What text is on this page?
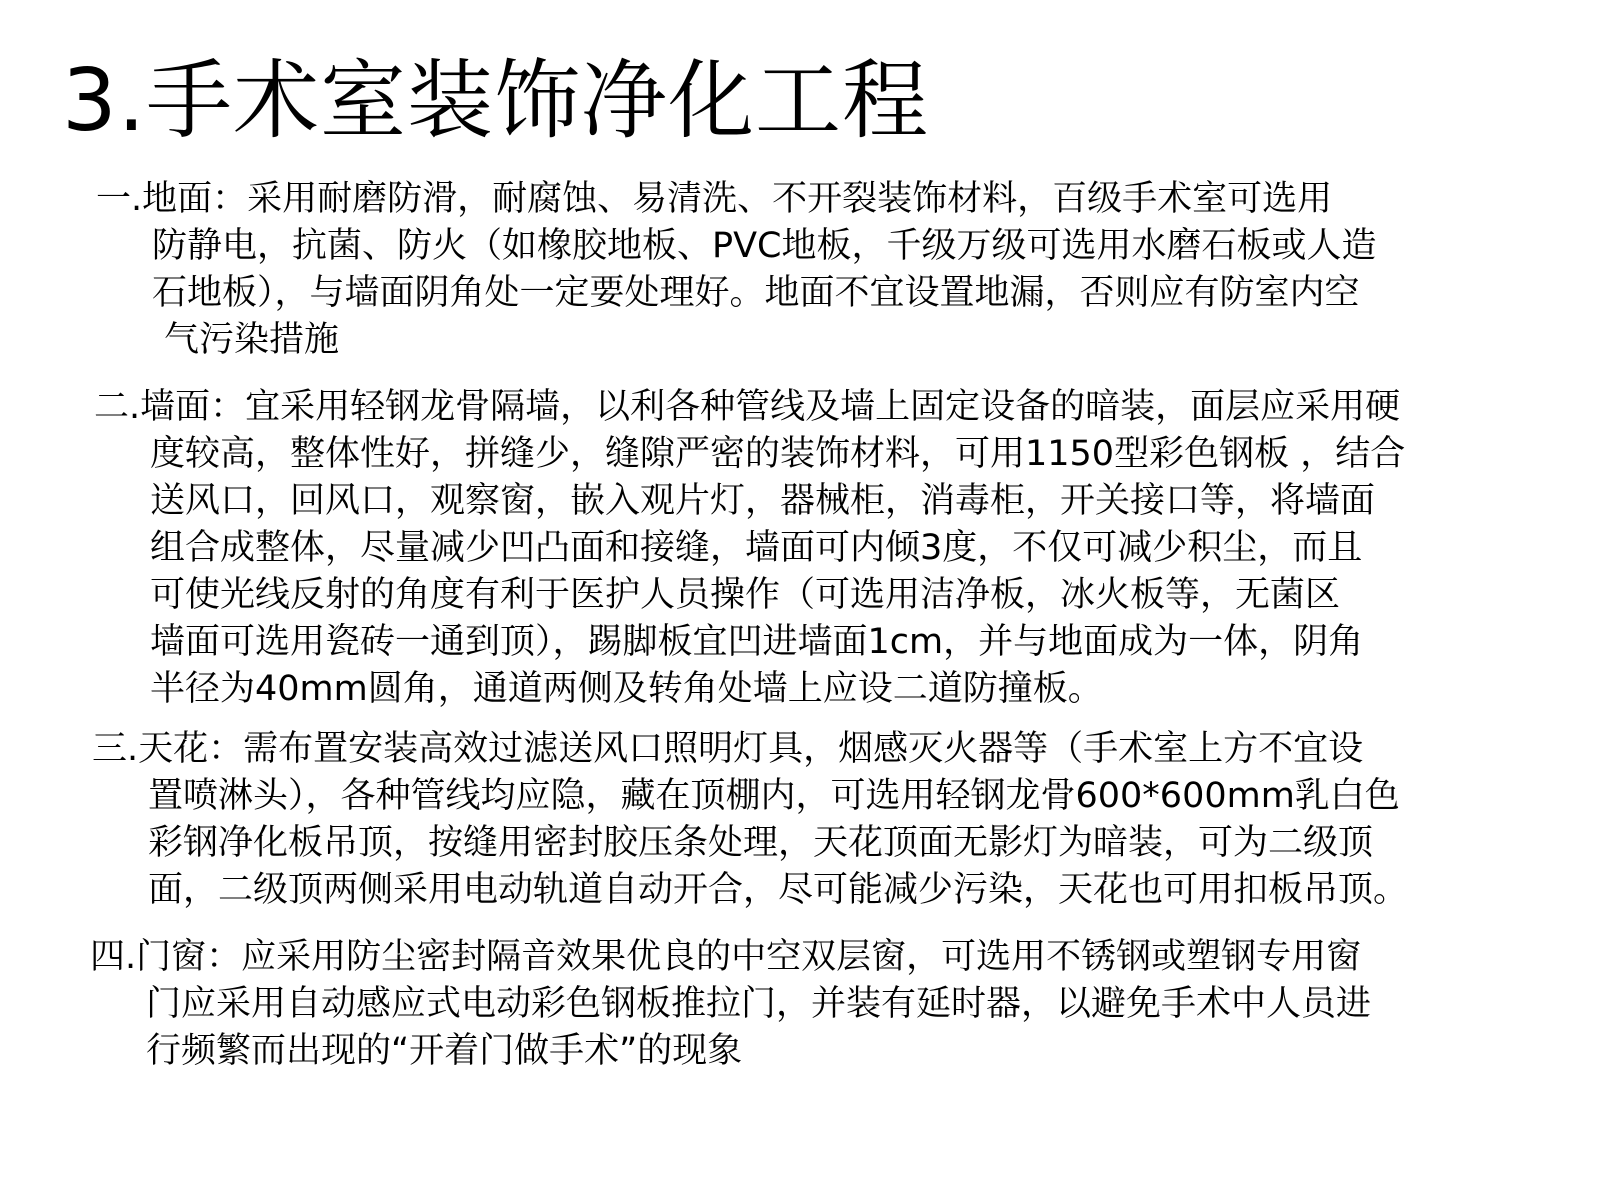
3.手术室装饰净化工程
一.地面：采用耐磨防滑，耐腐蚀、易清洗、不开裂装饰材料，百级手术室可选用
防静电，抗菌、防火（如橡胶地板、PVC地板，千级万级可选用水磨石板或人造
石地板），与墙面阴角处一定要处理好。地面不宜设置地漏，否则应有防室内空
气污染措施
二.墙面：宜采用轻钢龙骨隔墙，以利各种管线及墙上固定设备的暗装，面层应采用硬
度较高，整体性好，拼缝少，缝隙严密的装饰材料，可用1150型彩色钢板 ，结合
送风口，回风口，观察窗，嵌入观片灯，器械柜，消毒柜，开关接口等，将墙面
组合成整体，尽量减少凹凸面和接缝，墙面可内倾3度，不仅可减少积尘，而且
可使光线反射的角度有利于医护人员操作（可选用洁净板，冰火板等，无菌区
墙面可选用瓷砖一通到顶），踢脚板宜凹进墙面1cm，并与地面成为一体，阴角
半径为40mm圆角，通道两侧及转角处墙上应设二道防撞板。
三.天花：需布置安装高效过滤送风口照明灯具，烟感灭火器等（手术室上方不宜设
置喷淋头），各种管线均应隐，藏在顶棚内，可选用轻钢龙骨600*600mm乳白色
彩钢净化板吊顶，按缝用密封胶压条处理，天花顶面无影灯为暗装，可为二级顶
面，二级顶两侧采用电动轨道自动开合，尽可能减少污染，天花也可用扣板吊顶。
四.门窗：应采用防尘密封隔音效果优良的中空双层窗，可选用不锈钢或塑钢专用窗
门应采用自动感应式电动彩色钢板推拉门，并装有延时器，以避免手术中人员进
行频繁而出现的“开着门做手术”的现象
